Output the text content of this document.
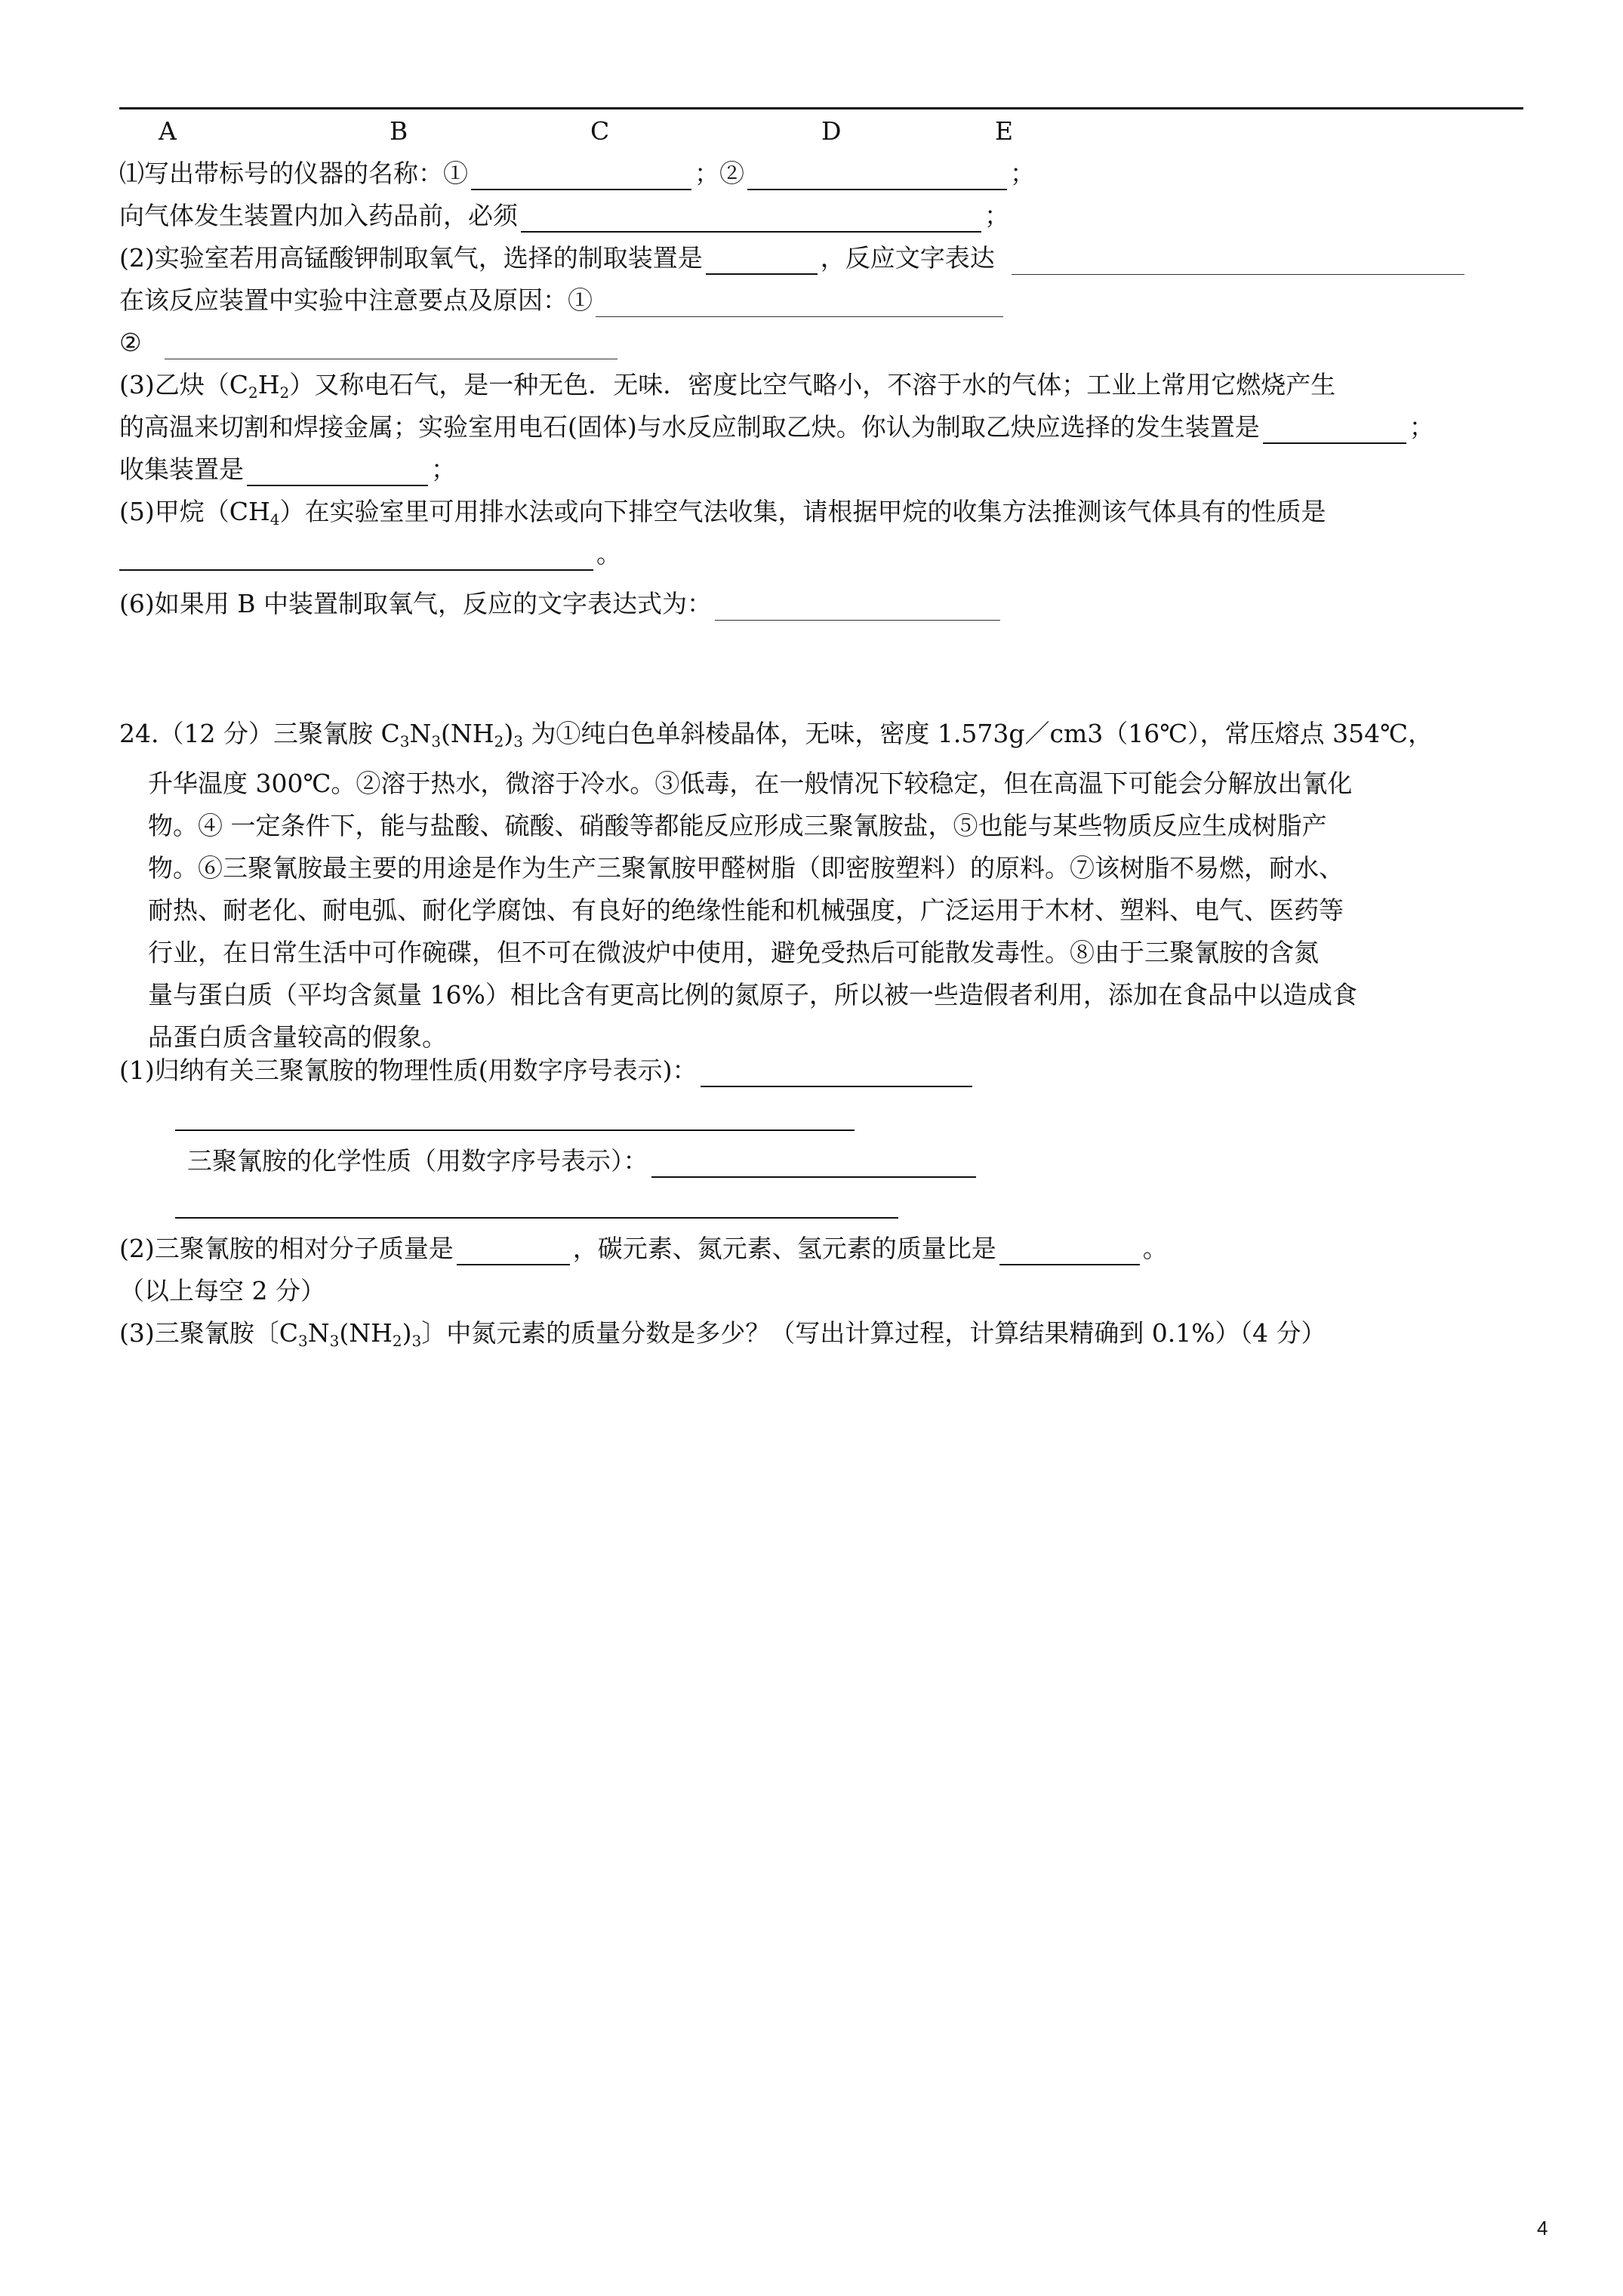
A	B	C	D	E
⑴写出带标号的仪器的名称：①	；②	；
向气体发生装置内加入药品前，必须	；
(2)实验室若用高锰酸钾制取氧气，选择的制取装置是	，反应文字表达
在该反应装置中实验中注意要点及原因：①
②
(3)乙炔$(C_2H_2)$又称电石气，是一种无色．无味．密度比空气略小，不溶于水的气体；工业上常用它燃烧产生
的高温来切割和焊接金属；实验室用电石(固体)与水反应制取乙炔。你认为制取乙炔应选择的发生装置是	；
收集装置是	；
(5)甲烷$(CH_4)$在实验室里可用排水法或向下排空气法收集，请根据甲烷的收集方法推测该气体具有的性质是
。
(6)如果用 B 中装置制取氧气，反应的文字表达式为：

24.（12 分）三聚氰胺 $C_3N_3(NH_2)_3$ 为①纯白色单斜棱晶体，无味，密度 1.573g／cm3（16℃），常压熔点 354℃，

升华温度 300℃。②溶于热水，微溶于冷水。③低毒，在一般情况下较稳定，但在高温下可能会分解放出氰化

物。④ 一定条件下，能与盐酸、硫酸、硝酸等都能反应形成三聚氰胺盐，⑤也能与某些物质反应生成树脂产

物。⑥三聚氰胺最主要的用途是作为生产三聚氰胺甲醛树脂（即密胺塑料）的原料。⑦该树脂不易燃，耐水、

耐热、耐老化、耐电弧、耐化学腐蚀、有良好的绝缘性能和机械强度，广泛运用于木材、塑料、电气、医药等

行业，在日常生活中可作碗碟，但不可在微波炉中使用，避免受热后可能散发毒性。⑧由于三聚氰胺的含氮

量与蛋白质（平均含氮量 16%）相比含有更高比例的氮原子，所以被一些造假者利用，添加在食品中以造成食

品蛋白质含量较高的假象。

(1)归纳有关三聚氰胺的物理性质(用数字序号表示)：
三聚氰胺的化学性质（用数字序号表示）：
(2)三聚氰胺的相对分子质量是	，碳元素、氮元素、氢元素的质量比是	。
（以上每空 2 分）
(3)三聚氰胺〔$C_3N_3(NH_2)_3$〕中氮元素的质量分数是多少？（写出计算过程，计算结果精确到 0.1%）（4 分）
4
